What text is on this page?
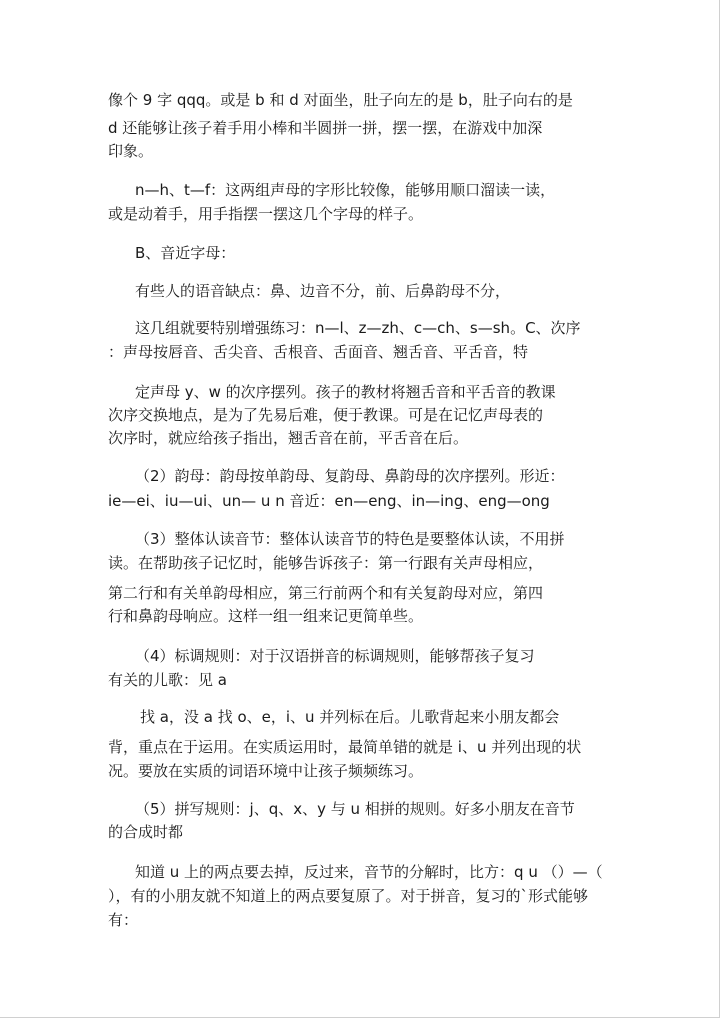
像个 9 字 qqq。或是 b 和 d 对面坐，肚子向左的是 b，肚子向右的是
d 还能够让孩子着手用小棒和半圆拼一拼，摆一摆，在游戏中加深
印象。
n—h、t—f：这两组声母的字形比较像，能够用顺口溜读一读，
或是动着手，用手指摆一摆这几个字母的样子。
B、音近字母：
有些人的语音缺点：鼻、边音不分，前、后鼻韵母不分，
这几组就要特别增强练习：n—l、z—zh、c—ch、s—sh。C、次序
：声母按唇音、舌尖音、舌根音、舌面音、翘舌音、平舌音，特
定声母 y、w 的次序摆列。孩子的教材将翘舌音和平舌音的教课
次序交换地点，是为了先易后难，便于教课。可是在记忆声母表的
次序时，就应给孩子指出，翘舌音在前，平舌音在后。
（2）韵母：韵母按单韵母、复韵母、鼻韵母的次序摆列。形近：
ie—ei、iu—ui、un— u n 音近：en—eng、in—ing、eng—ong
（3）整体认读音节：整体认读音节的特色是要整体认读，不用拼
读。在帮助孩子记忆时，能够告诉孩子：第一行跟有关声母相应，
第二行和有关单韵母相应，第三行前两个和有关复韵母对应，第四
行和鼻韵母响应。这样一组一组来记更简单些。
（4）标调规则：对于汉语拼音的标调规则，能够帮孩子复习
有关的儿歌：见 a
找 a，没 a 找 o、e，i、u 并列标在后。儿歌背起来小朋友都会
背，重点在于运用。在实质运用时，最简单错的就是 i、u 并列出现的状
况。要放在实质的词语环境中让孩子频频练习。
（5）拼写规则：j、q、x、y 与 u 相拼的规则。好多小朋友在音节
的合成时都
知道 u 上的两点要去掉，反过来，音节的分解时，比方：q u （）—（
），有的小朋友就不知道上的两点要复原了。对于拼音，复习的`形式能够
有：
